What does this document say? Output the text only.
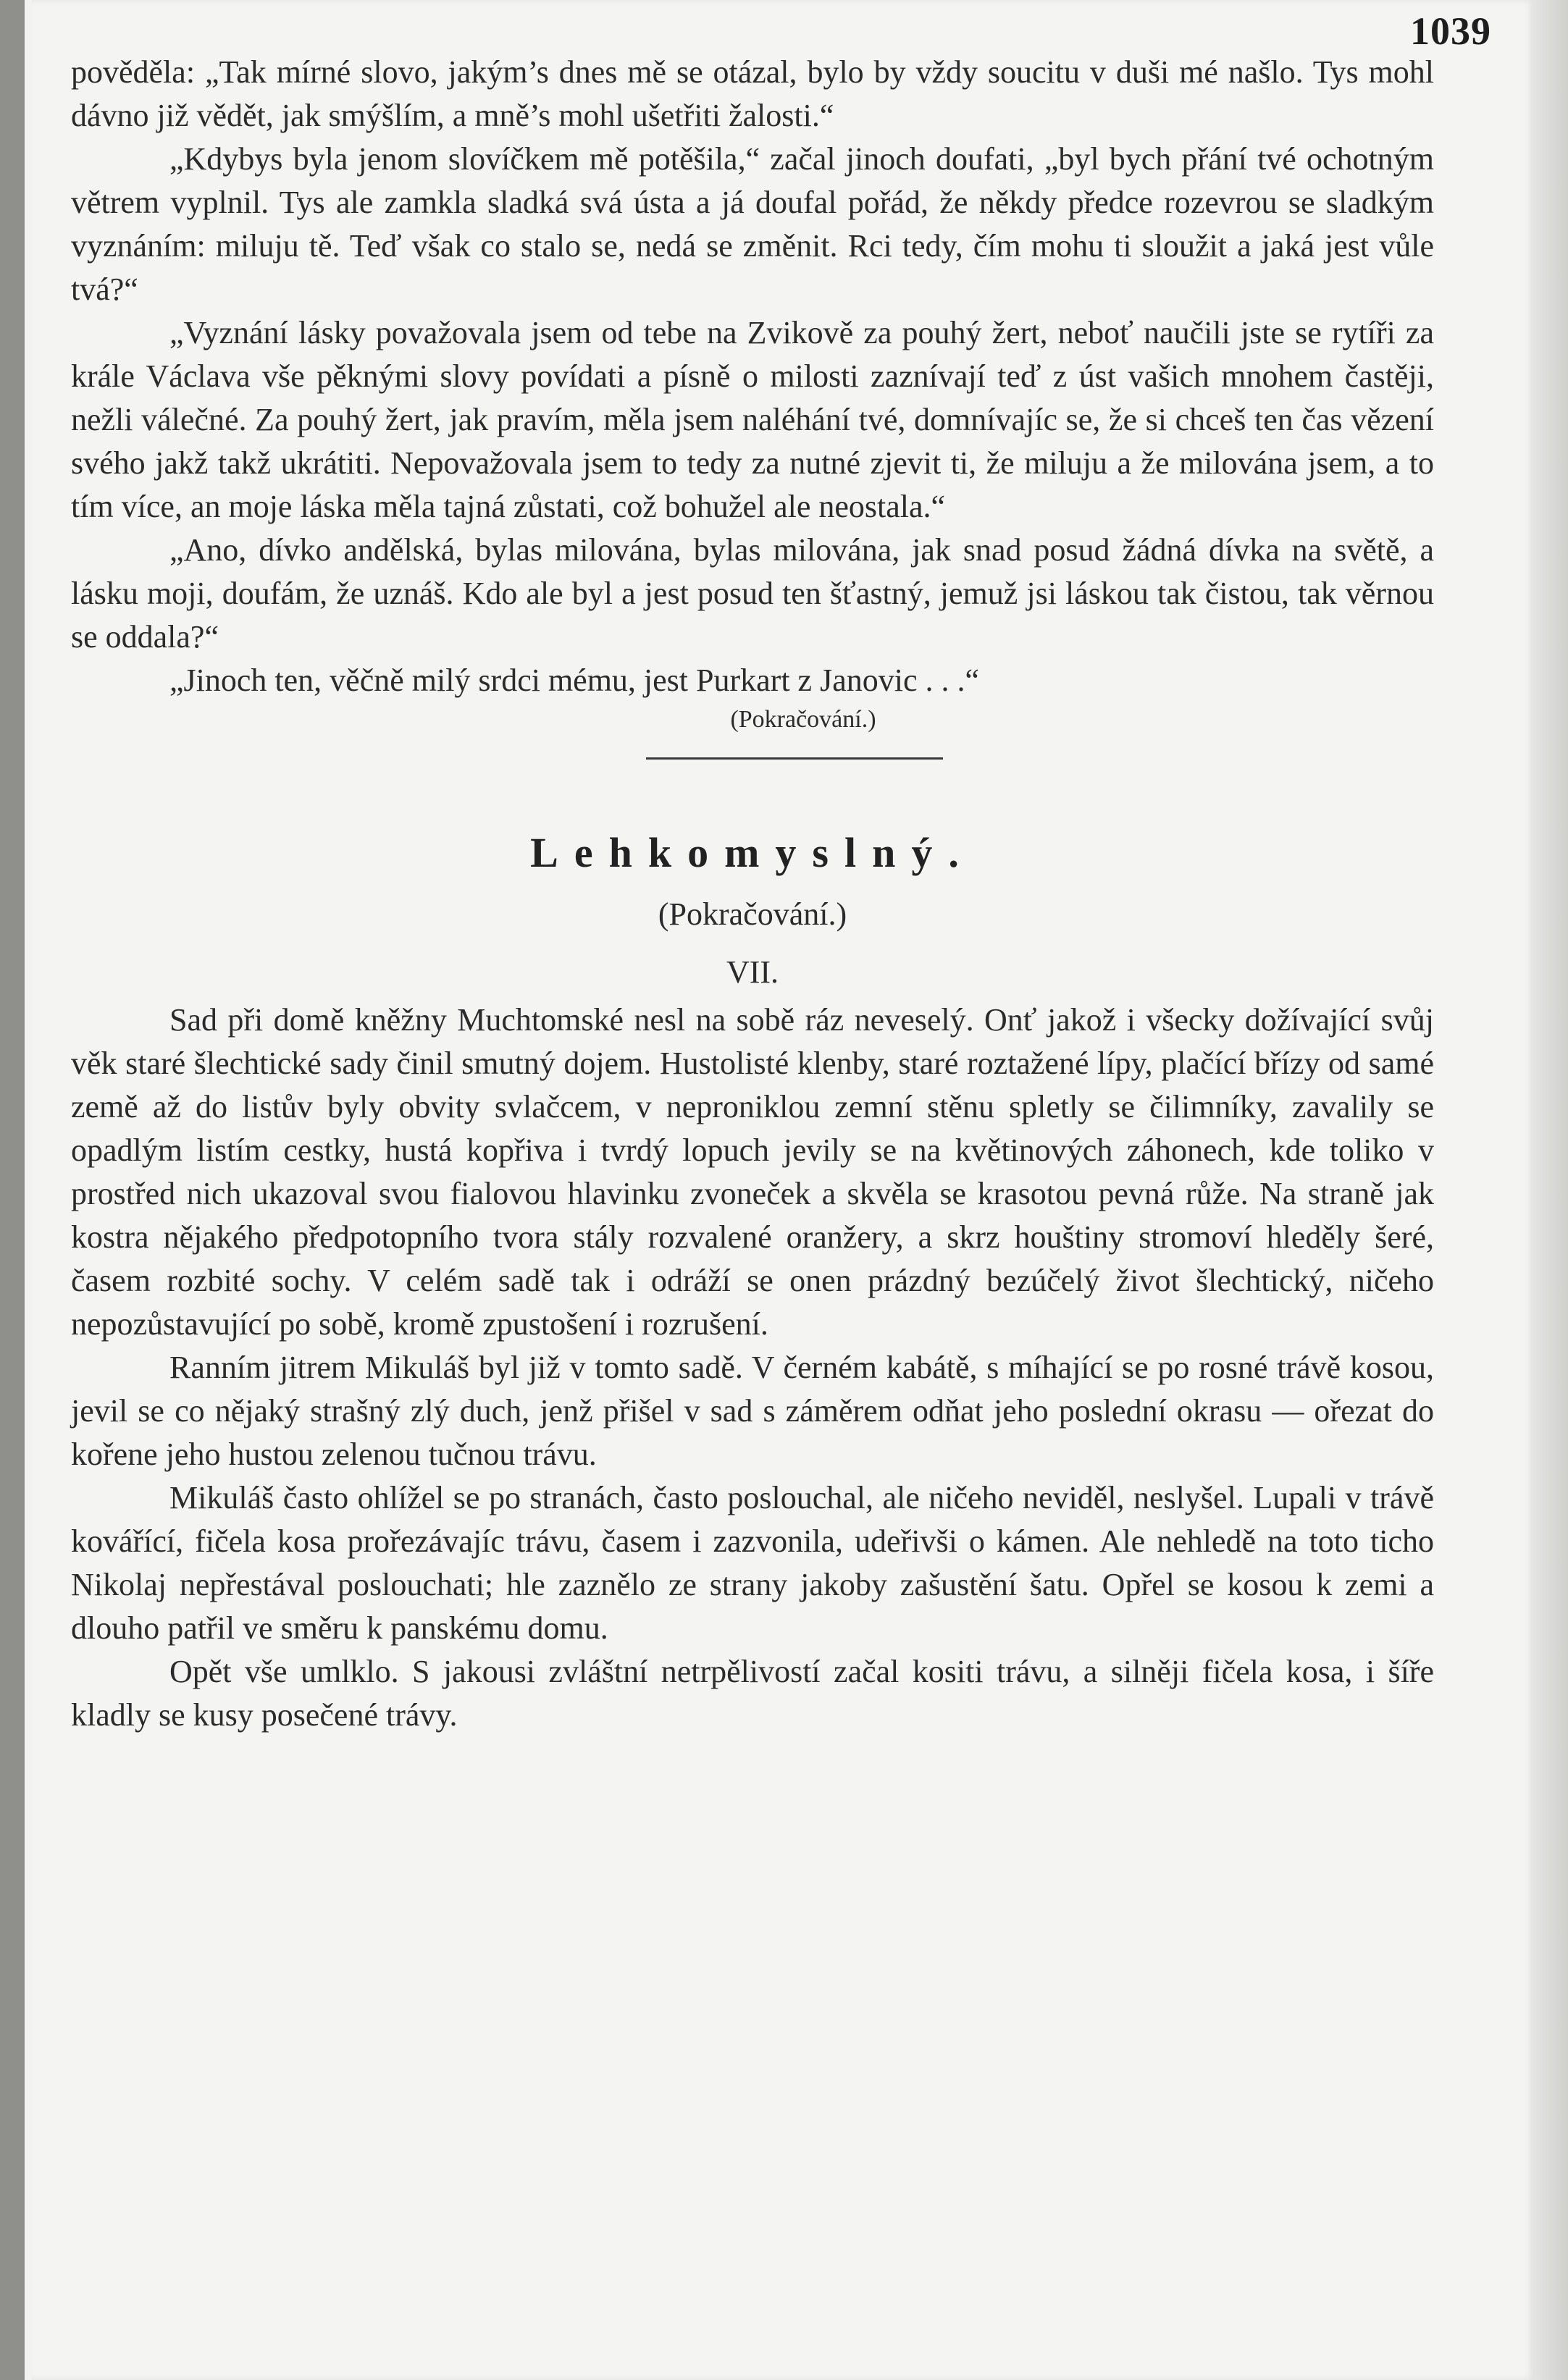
1039

pověděla: „Tak mírné slovo, jakým’s dnes mě se otázal, bylo by vždy soucitu v duši mé našlo. Tys mohl dávno již vědět, jak smýšlím, a mně’s mohl ušetřiti žalosti.“

„Kdybys byla jenom slovíčkem mě potěšila,“ začal jinoch doufati, „byl bych přání tvé ochotným větrem vyplnil. Tys ale zamkla sladká svá ústa a já doufal pořád, že někdy předce rozevrou se sladkým vyznáním: miluju tě. Teď však co stalo se, nedá se změnit. Rci tedy, čím mohu ti sloužit a jaká jest vůle tvá?“

„Vyznání lásky považovala jsem od tebe na Zvikově za pouhý žert, neboť naučili jste se rytíři za krále Václava vše pěknými slovy povídati a písně o milosti zaznívají teď z úst vašich mnohem častěji, nežli válečné. Za pouhý žert, jak pravím, měla jsem naléhání tvé, domnívajíc se, že si chceš ten čas vězení svého jakž takž ukrátiti. Nepovažovala jsem to tedy za nutné zjevit ti, že miluju a že milována jsem, a to tím více, an moje láska měla tajná zůstati, což bohužel ale neostala.“

„Ano, dívko andělská, bylas milována, bylas milována, jak snad posud žádná dívka na světě, a lásku moji, doufám, že uznáš. Kdo ale byl a jest posud ten šťastný, jemuž jsi láskou tak čistou, tak věrnou se oddala?“

„Jinoch ten, věčně milý srdci mému, jest Purkart z Janovic . . .“

(Pokračování.)

Lehkomyslný.
(Pokračování.)
VII.

Sad při domě kněžny Muchtomské nesl na sobě ráz neveselý. Onť jakož i všecky dožívající svůj věk staré šlechtické sady činil smutný dojem. Hustolisté klenby, staré roztažené lípy, plačící břízy od samé země až do listův byly obvity svlačcem, v neproniklou zemní stěnu spletly se čilimníky, zavalily se opadlým listím cestky, hustá kopřiva i tvrdý lopuch jevily se na květinových záhonech, kde toliko v prostřed nich ukazoval svou fialovou hlavinku zvoneček a skvěla se krasotou pevná růže. Na straně jak kostra nějakého předpotopního tvora stály rozvalené oranžery, a skrz houštiny stromoví hleděly šeré, časem rozbité sochy. V celém sadě tak i odráží se onen prázdný bezúčelý život šlechtický, ničeho nepozůstavující po sobě, kromě zpustošení i rozrušení.

Ranním jitrem Mikuláš byl již v tomto sadě. V černém kabátě, s míhající se po rosné trávě kosou, jevil se co nějaký strašný zlý duch, jenž přišel v sad s záměrem odňat jeho poslední okrasu — ořezat do kořene jeho hustou zelenou tučnou trávu.

Mikuláš často ohlížel se po stranách, často poslouchal, ale ničeho neviděl, neslyšel. Lupali v trávě kovářící, fičela kosa prořezávajíc trávu, časem i zazvonila, udeřivši o kámen. Ale nehledě na toto ticho Nikolaj nepřestával poslouchati; hle zaznělo ze strany jakoby zašustění šatu. Opřel se kosou k zemi a dlouho patřil ve směru k panskému domu.

Opět vše umlklo. S jakousi zvláštní netrpělivostí začal kositi trávu, a silněji fičela kosa, i šíře kladly se kusy posečené trávy.
